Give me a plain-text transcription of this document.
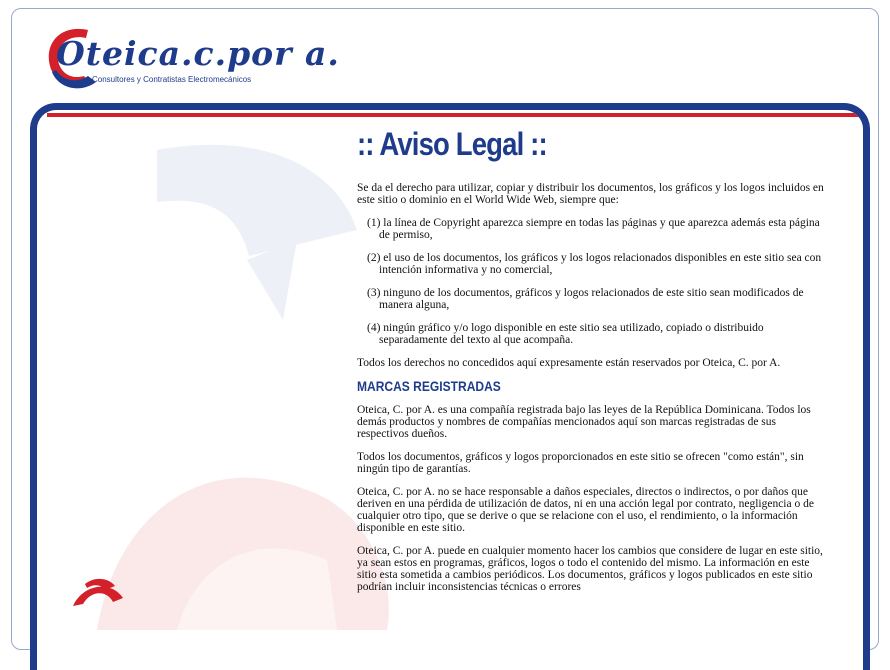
Oteica.c.por a.
Consultores y Contratistas Electromecánicos
:: Aviso Legal ::

Se da el derecho para utilizar, copiar y distribuir los documentos, los gráficos y los logos incluidos en este sitio o dominio en el World Wide Web, siempre que:

(1) la línea de Copyright aparezca siempre en todas las páginas y que aparezca además esta página de permiso,

(2) el uso de los documentos, los gráficos y los logos relacionados disponibles en este sitio sea con intención informativa y no comercial,

(3) ninguno de los documentos, gráficos y logos relacionados de este sitio sean modificados de manera alguna,

(4) ningún gráfico y/o logo disponible en este sitio sea utilizado, copiado o distribuido separadamente del texto al que acompaña.

Todos los derechos no concedidos aquí expresamente están reservados por Oteica, C. por A.

MARCAS REGISTRADAS

Oteica, C. por A. es una compañía registrada bajo las leyes de la República Dominicana. Todos los demás productos y nombres de compañías mencionados aquí son marcas registradas de sus respectivos dueños.

Todos los documentos, gráficos y logos proporcionados en este sitio se ofrecen "como están", sin ningún tipo de garantías.

Oteica, C. por A. no se hace responsable a daños especiales, directos o indirectos, o por daños que deriven en una pérdida de utilización de datos, ni en una acción legal por contrato, negligencia o de cualquier otro tipo, que se derive o que se relacione con el uso, el rendimiento, o la información disponible en este sitio.

Oteica, C. por A. puede en cualquier momento hacer los cambios que considere de lugar en este sitio, ya sean estos en programas, gráficos, logos o todo el contenido del mismo. La información en este sitio esta sometida a cambios periódicos. Los documentos, gráficos y logos publicados en este sitio podrían incluir inconsistencias técnicas o errores
